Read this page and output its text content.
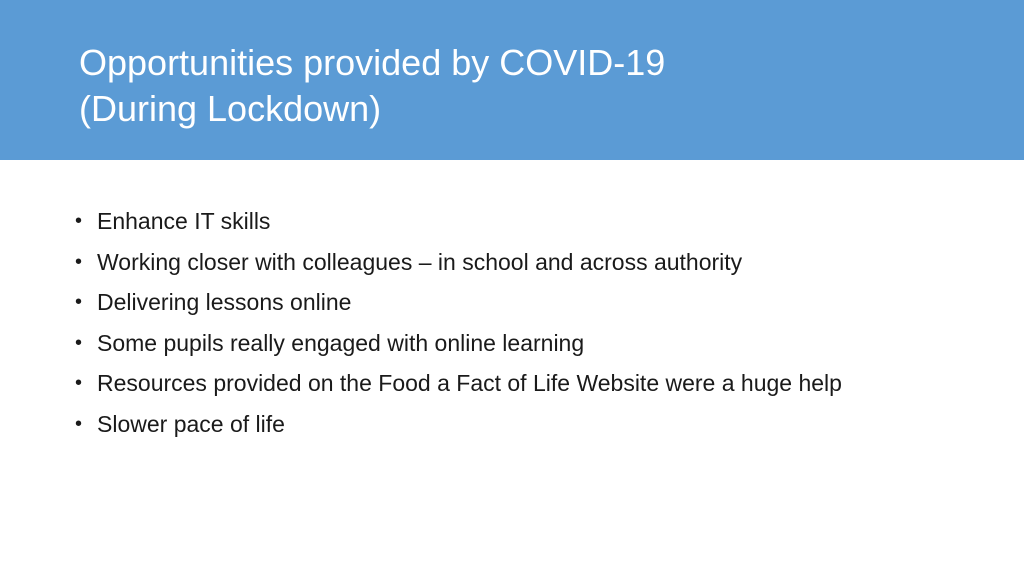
Opportunities provided by COVID-19
(During Lockdown)
• Enhance IT skills
• Working closer with colleagues – in school and across authority
• Delivering lessons online
• Some pupils really engaged with online learning
• Resources provided on the Food a Fact of Life Website were a huge help
• Slower pace of life
